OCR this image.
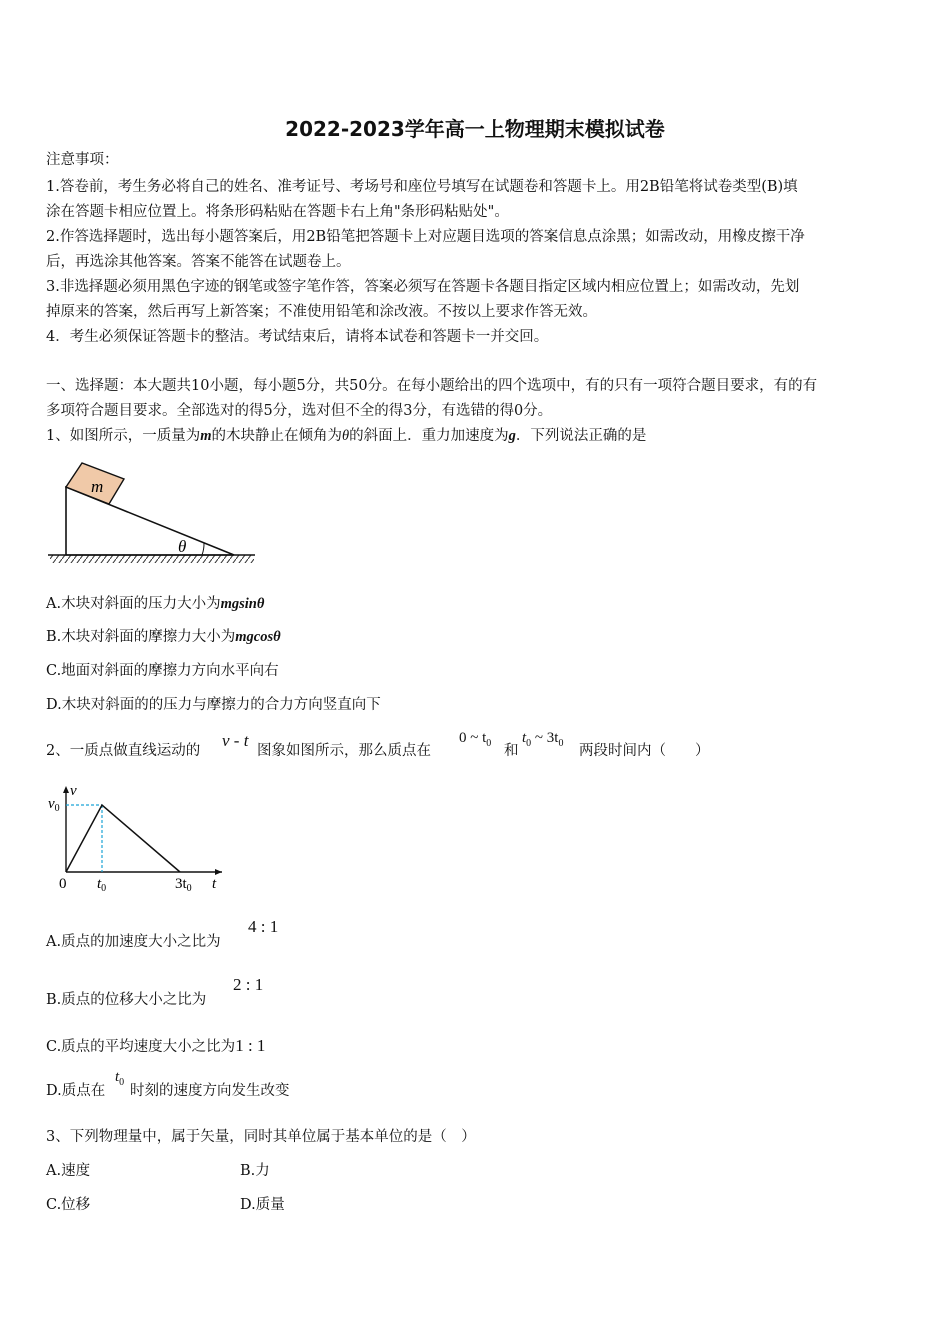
2022-2023学年高一上物理期末模拟试卷
注意事项：
1.答卷前，考生务必将自己的姓名、准考证号、考场号和座位号填写在试题卷和答题卡上。用2B铅笔将试卷类型(B)填
涂在答题卡相应位置上。将条形码粘贴在答题卡右上角"条形码粘贴处"。
2.作答选择题时，选出每小题答案后，用2B铅笔把答题卡上对应题目选项的答案信息点涂黑；如需改动，用橡皮擦干净
后，再选涂其他答案。答案不能答在试题卷上。
3.非选择题必须用黑色字迹的钢笔或签字笔作答，答案必须写在答题卡各题目指定区域内相应位置上；如需改动，先划
掉原来的答案，然后再写上新答案；不准使用铅笔和涂改液。不按以上要求作答无效。
4．考生必须保证答题卡的整洁。考试结束后，请将本试卷和答题卡一并交回。
一、选择题：本大题共10小题，每小题5分，共50分。在每小题给出的四个选项中，有的只有一项符合题目要求，有的有
多项符合题目要求。全部选对的得5分，选对但不全的得3分，有选错的得0分。
1、如图所示，一质量为m的木块静止在倾角为θ的斜面上．重力加速度为g．下列说法正确的是
m
θ
A.木块对斜面的压力大小为mgsinθ
B.木块对斜面的摩擦力大小为mgcosθ
C.地面对斜面的摩擦力方向水平向右
D.木块对斜面的的压力与摩擦力的合力方向竖直向下
2、一质点做直线运动的
v - t
图象如图所示，那么质点在
0 ~ $t_0$ 和
$t_0$ ~ $3t_0$ 两段时间内（　　）
v
$v_0$
0 $t_0$	$3t_0$ t
A.质点的加速度大小之比为
4 : 1
B.质点的位移大小之比为
2 : 1
C.质点的平均速度大小之比为1 : 1
D.质点在
$t_0$
时刻的速度方向发生改变
3、下列物理量中，属于矢量，同时其单位属于基本单位的是（　）
A.速度	B.力
C.位移	D.质量
